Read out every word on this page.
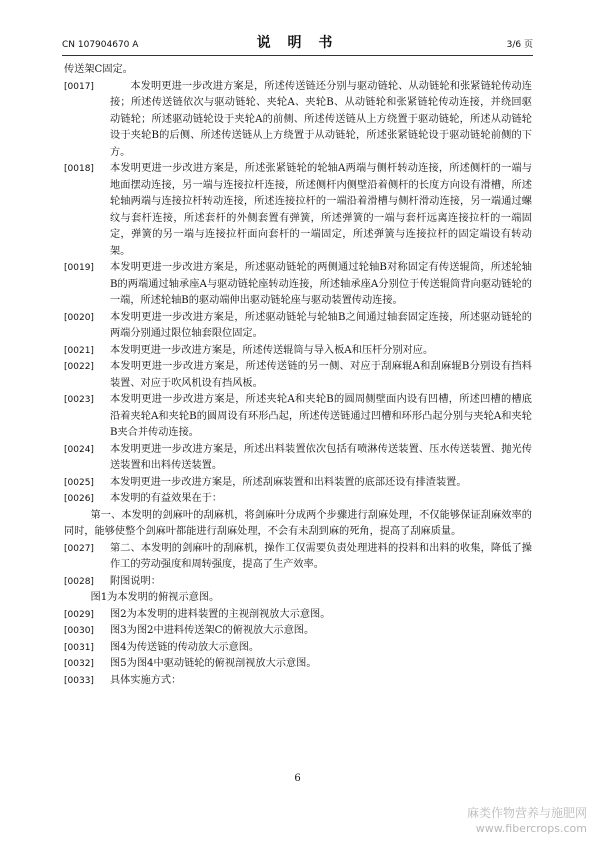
CN 107904670 A	说 明 书	3/6 页

传送架C固定。

[0017]	本发明更进一步改进方案是，所述传送链还分别与驱动链轮、从动链轮和张紧链轮传动连接；所述传送链依次与驱动链轮、夹轮A、夹轮B、从动链轮和张紧链轮传动连接，并绕回驱动链轮；所述驱动链轮设于夹轮A的前侧、所述传送链从上方绕置于驱动链轮，所述从动链轮设于夹轮B的后侧、所述传送链从上方绕置于从动链轮，所述张紧链轮设于驱动链轮前侧的下方。
[0018]	本发明更进一步改进方案是，所述张紧链轮的轮轴A两端与侧杆转动连接，所述侧杆的一端与地面摆动连接，另一端与连接拉杆连接，所述侧杆内侧壁沿着侧杆的长度方向设有滑槽，所述轮轴两端与连接拉杆转动连接，所述连接拉杆的一端沿着滑槽与侧杆滑动连接，另一端通过螺纹与套杆连接，所述套杆的外侧套置有弹簧，所述弹簧的一端与套杆远离连接拉杆的一端固定，弹簧的另一端与连接拉杆面向套杆的一端固定，所述弹簧与连接拉杆的固定端设有转动架。
[0019]	本发明更进一步改进方案是，所述驱动链轮的两侧通过轮轴B对称固定有传送辊筒，所述轮轴B的两端通过轴承座A与驱动链轮座转动连接，所述轴承座A分别位于传送辊筒背向驱动链轮的一端，所述轮轴B的驱动端伸出驱动链轮座与驱动装置传动连接。
[0020]	本发明更进一步改进方案是，所述驱动链轮与轮轴B之间通过轴套固定连接，所述驱动链轮的两端分别通过限位轴套限位固定。
[0021]	本发明更进一步改进方案是，所述传送辊筒与导入板A和压杆分别对应。
[0022]	本发明更进一步改进方案是，所述传送链的另一侧、对应于刮麻辊A和刮麻辊B分别设有挡料装置、对应于吹风机设有挡风板。
[0023]	本发明更进一步改进方案是，所述夹轮A和夹轮B的圆周侧壁面内设有凹槽，所述凹槽的槽底沿着夹轮A和夹轮B的圆周设有环形凸起，所述传送链通过凹槽和环形凸起分别与夹轮A和夹轮B夹合并传动连接。
[0024]	本发明更进一步改进方案是，所述出料装置依次包括有喷淋传送装置、压水传送装置、抛光传送装置和出料传送装置。
[0025]	本发明更进一步改进方案是，所述刮麻装置和出料装置的底部还设有排渣装置。
[0026]	本发明的有益效果在于：

第一、本发明的剑麻叶的刮麻机，将剑麻叶分成两个步骤进行刮麻处理，不仅能够保证刮麻效率的同时，能够使整个剑麻叶都能进行刮麻处理，不会有未刮到麻的死角，提高了刮麻质量。

[0027]	第二、本发明的剑麻叶的刮麻机，操作工仅需要负责处理进料的投料和出料的收集，降低了操作工的劳动强度和周转强度，提高了生产效率。
[0028]	附图说明：

图1为本发明的俯视示意图。

[0029]	图2为本发明的进料装置的主视剖视放大示意图。
[0030]	图3为图2中进料传送架C的俯视放大示意图。
[0031]	图4为传送链的传动放大示意图。
[0032]	图5为图4中驱动链轮的俯视剖视放大示意图。
[0033]	具体实施方式：
6
麻类作物营养与施肥网
www.fibercrops.com
